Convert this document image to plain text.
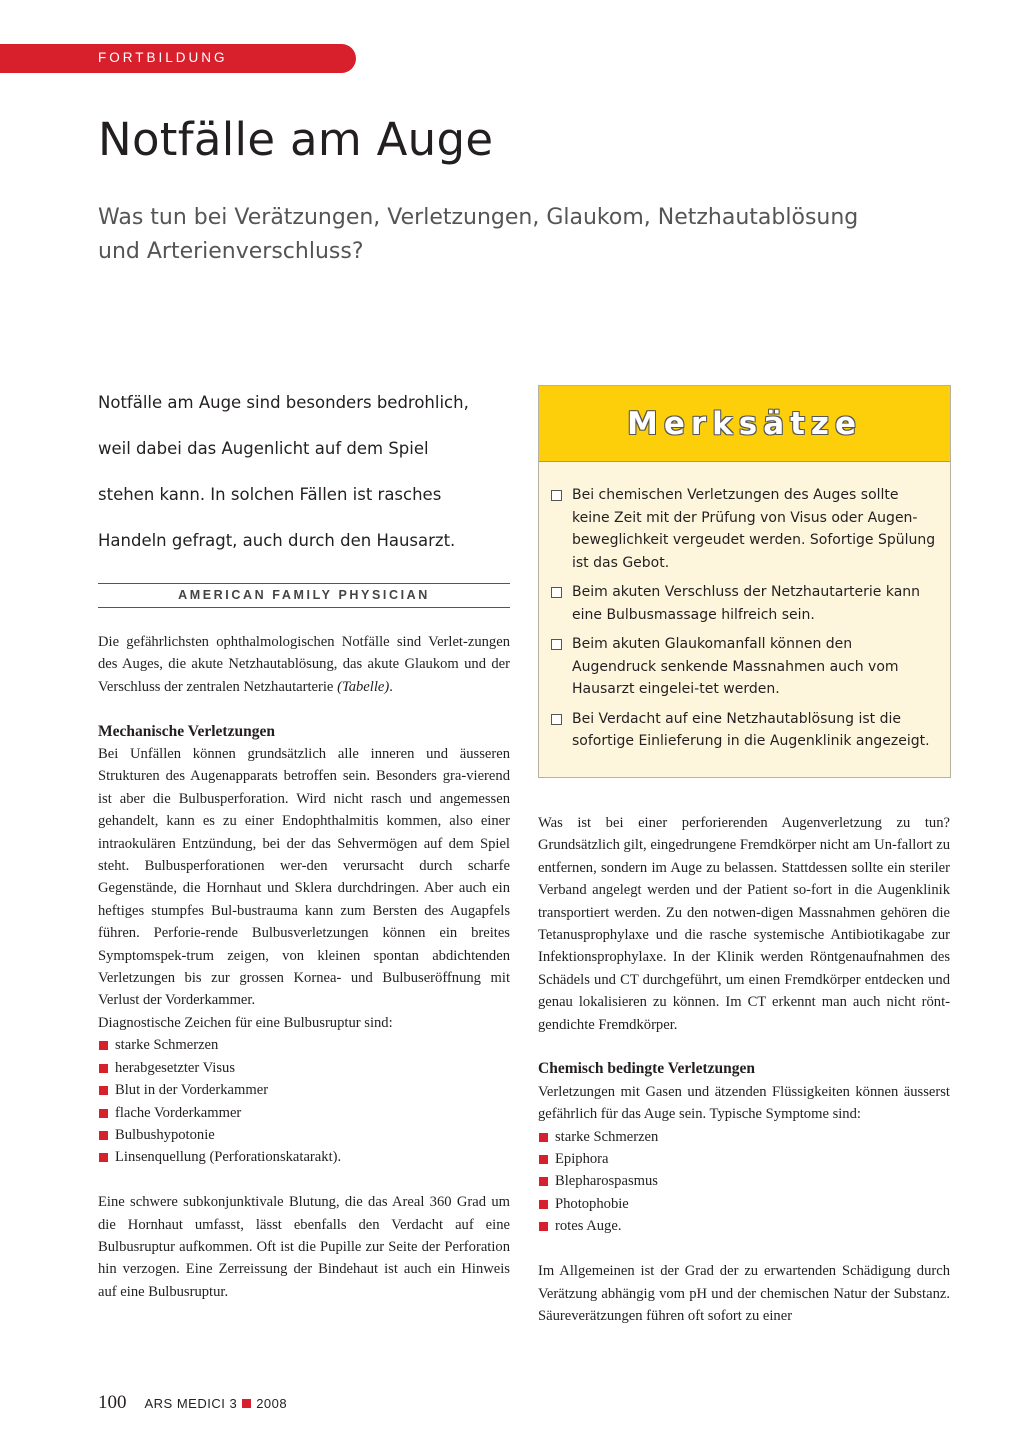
FORTBILDUNG
Notfälle am Auge
Was tun bei Verätzungen, Verletzungen, Glaukom, Netzhautablösung und Arterienverschluss?
Notfälle am Auge sind besonders bedrohlich,
weil dabei das Augenlicht auf dem Spiel
stehen kann. In solchen Fällen ist rasches
Handeln gefragt, auch durch den Hausarzt.
AMERICAN FAMILY PHYSICIAN
Merksätze
Bei chemischen Verletzungen des Auges sollte keine Zeit mit der Prüfung von Visus oder Augen-beweglichkeit vergeudet werden. Sofortige Spülung ist das Gebot.
Beim akuten Verschluss der Netzhautarterie kann eine Bulbusmassage hilfreich sein.
Beim akuten Glaukomanfall können den Augendruck senkende Massnahmen auch vom Hausarzt eingelei-tet werden.
Bei Verdacht auf eine Netzhautablösung ist die sofortige Einlieferung in die Augenklinik angezeigt.

Die gefährlichsten ophthalmologischen Notfälle sind Verlet-zungen des Auges, die akute Netzhautablösung, das akute Glaukom und der Verschluss der zentralen Netzhautarterie (Tabelle).

Mechanische Verletzungen

Bei Unfällen können grundsätzlich alle inneren und äusseren Strukturen des Augenapparats betroffen sein. Besonders gra-vierend ist aber die Bulbusperforation. Wird nicht rasch und angemessen gehandelt, kann es zu einer Endophthalmitis kommen, also einer intraokulären Entzündung, bei der das Sehvermögen auf dem Spiel steht. Bulbusperforationen wer-den verursacht durch scharfe Gegenstände, die Hornhaut und Sklera durchdringen. Aber auch ein heftiges stumpfes Bul-bustrauma kann zum Bersten des Augapfels führen. Perforie-rende Bulbusverletzungen können ein breites Symptomspek-trum zeigen, von kleinen spontan abdichtenden Verletzungen bis zur grossen Kornea- und Bulbuseröffnung mit Verlust der Vorderkammer.

Diagnostische Zeichen für eine Bulbusruptur sind:

starke Schmerzen
herabgesetzter Visus
Blut in der Vorderkammer
flache Vorderkammer
Bulbushypotonie
Linsenquellung (Perforationskatarakt).

Eine schwere subkonjunktivale Blutung, die das Areal 360 Grad um die Hornhaut umfasst, lässt ebenfalls den Verdacht auf eine Bulbusruptur aufkommen. Oft ist die Pupille zur Seite der Perforation hin verzogen. Eine Zerreissung der Bindehaut ist auch ein Hinweis auf eine Bulbusruptur.

Was ist bei einer perforierenden Augenverletzung zu tun? Grundsätzlich gilt, eingedrungene Fremdkörper nicht am Un-fallort zu entfernen, sondern im Auge zu belassen. Stattdessen sollte ein steriler Verband angelegt werden und der Patient so-fort in die Augenklinik transportiert werden. Zu den notwen-digen Massnahmen gehören die Tetanusprophylaxe und die rasche systemische Antibiotikagabe zur Infektionsprophylaxe. In der Klinik werden Röntgenaufnahmen des Schädels und CT durchgeführt, um einen Fremdkörper entdecken und genau lokalisieren zu können. Im CT erkennt man auch nicht rönt-gendichte Fremdkörper.

Chemisch bedingte Verletzungen

Verletzungen mit Gasen und ätzenden Flüssigkeiten können äusserst gefährlich für das Auge sein. Typische Symptome sind:

starke Schmerzen
Epiphora
Blepharospasmus
Photophobie
rotes Auge.

Im Allgemeinen ist der Grad der zu erwartenden Schädigung durch Verätzung abhängig vom pH und der chemischen Natur der Substanz. Säureverätzungen führen oft sofort zu einer

100 ARS MEDICI 3 2008
